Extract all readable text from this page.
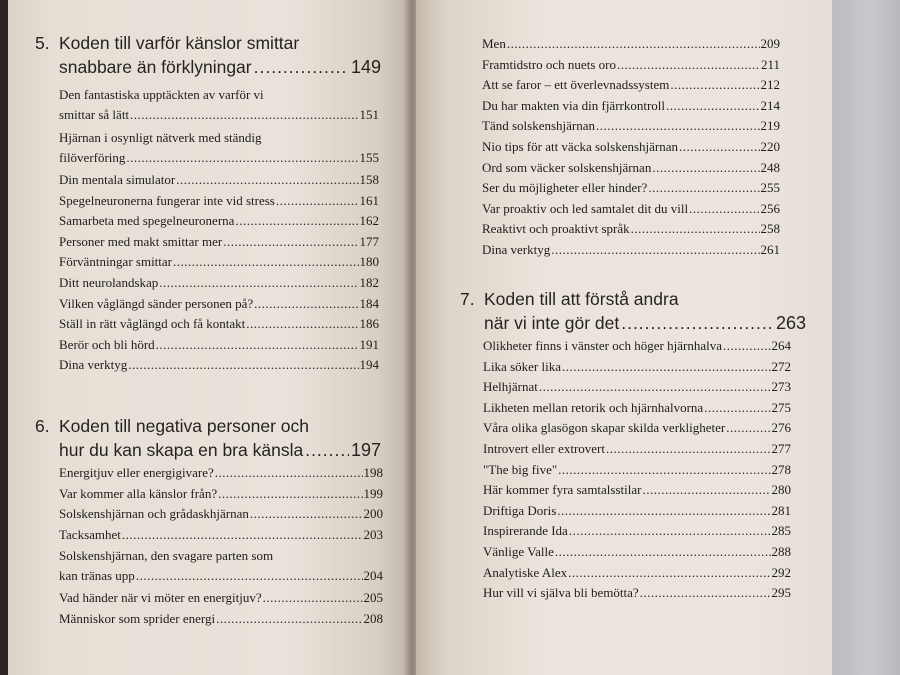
5. Koden till varför känslor smittar
snabbare än förklyningar .....	149
Den fantastiska upptäckten av varför vi
smittar så lätt .....	151
Hjärnan i osynligt nätverk med ständig
filöverföring .....	155
Din mentala simulator .....	158
Spegelneuronerna fungerar inte vid stress .....	161
Samarbeta med spegelneuronerna .....	162
Personer med makt smittar mer .....	177
Förväntningar smittar .....	180
Ditt neurolandskap .....	182
Vilken våglängd sänder personen på? .....	184
Ställ in rätt våglängd och få kontakt .....	186
Berör och bli hörd .....	191
Dina verktyg .....	194
6. Koden till negativa personer och
hur du kan skapa en bra känsla .....	197
Energitjuv eller energigivare? .....	198
Var kommer alla känslor från? .....	199
Solskenshjärnan och grådaskhjärnan .....	200
Tacksamhet .....	203
Solskenshjärnan, den svagare parten som
kan tränas upp .....	204
Vad händer när vi möter en energitjuv? .....	205
Människor som sprider energi .....	208
Men .....	209
Framtidstro och nuets oro .....	211
Att se faror – ett överlevnadssystem .....	212
Du har makten via din fjärrkontroll .....	214
Tänd solskenshjärnan .....	219
Nio tips för att väcka solskenshjärnan .....	220
Ord som väcker solskenshjärnan .....	248
Ser du möjligheter eller hinder? .....	255
Var proaktiv och led samtalet dit du vill .....	256
Reaktivt och proaktivt språk .....	258
Dina verktyg .....	261
7. Koden till att förstå andra
när vi inte gör det .....	263
Olikheter finns i vänster och höger hjärnhalva .....	264
Lika söker lika .....	272
Helhjärnat .....	273
Likheten mellan retorik och hjärnhalvorna .....	275
Våra olika glasögon skapar skilda verkligheter .....	276
Introvert eller extrovert .....	277
"The big five" .....	278
Här kommer fyra samtalsstilar .....	280
Driftiga Doris .....	281
Inspirerande Ida .....	285
Vänlige Valle .....	288
Analytiske Alex .....	292
Hur vill vi själva bli bemötta? .....	295
